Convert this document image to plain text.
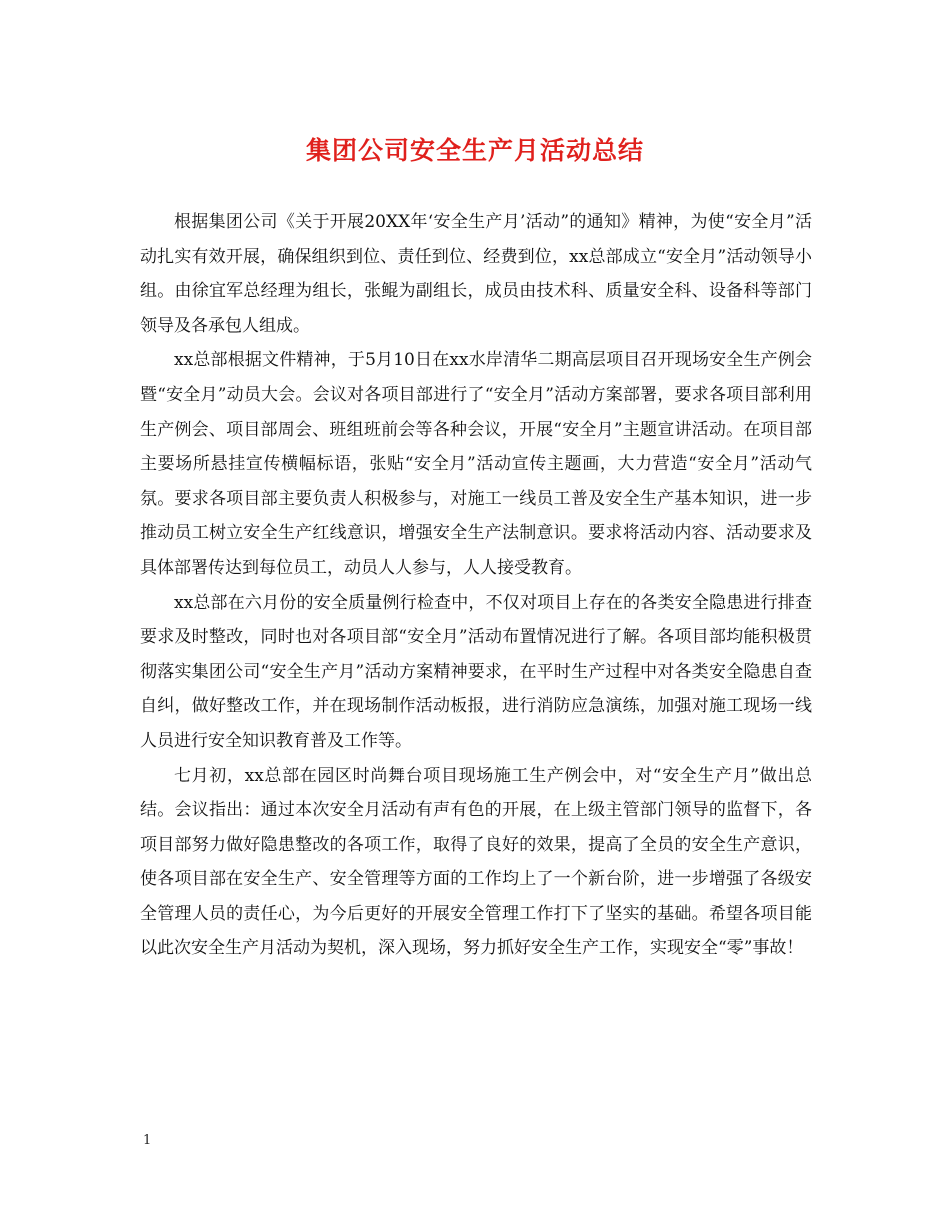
集团公司安全生产月活动总结

根据集团公司《关于开展20XX年‘安全生产月’活动”的通知》精神，为使“安全月”活动扎实有效开展，确保组织到位、责任到位、经费到位，xx总部成立“安全月”活动领导小组。由徐宜军总经理为组长，张鲲为副组长，成员由技术科、质量安全科、设备科等部门领导及各承包人组成。

xx总部根据文件精神，于5月10日在xx水岸清华二期高层项目召开现场安全生产例会暨“安全月”动员大会。会议对各项目部进行了“安全月”活动方案部署，要求各项目部利用生产例会、项目部周会、班组班前会等各种会议，开展“安全月”主题宣讲活动。在项目部主要场所悬挂宣传横幅标语，张贴“安全月”活动宣传主题画，大力营造“安全月”活动气氛。要求各项目部主要负责人积极参与，对施工一线员工普及安全生产基本知识，进一步推动员工树立安全生产红线意识，增强安全生产法制意识。要求将活动内容、活动要求及具体部署传达到每位员工，动员人人参与，人人接受教育。

xx总部在六月份的安全质量例行检查中，不仅对项目上存在的各类安全隐患进行排查要求及时整改，同时也对各项目部“安全月”活动布置情况进行了解。各项目部均能积极贯彻落实集团公司“安全生产月”活动方案精神要求，在平时生产过程中对各类安全隐患自查自纠，做好整改工作，并在现场制作活动板报，进行消防应急演练，加强对施工现场一线人员进行安全知识教育普及工作等。

七月初，xx总部在园区时尚舞台项目现场施工生产例会中，对“安全生产月”做出总结。会议指出：通过本次安全月活动有声有色的开展，在上级主管部门领导的监督下，各项目部努力做好隐患整改的各项工作，取得了良好的效果，提高了全员的安全生产意识，使各项目部在安全生产、安全管理等方面的工作均上了一个新台阶，进一步增强了各级安全管理人员的责任心，为今后更好的开展安全管理工作打下了坚实的基础。希望各项目能以此次安全生产月活动为契机，深入现场，努力抓好安全生产工作，实现安全“零”事故！

1
